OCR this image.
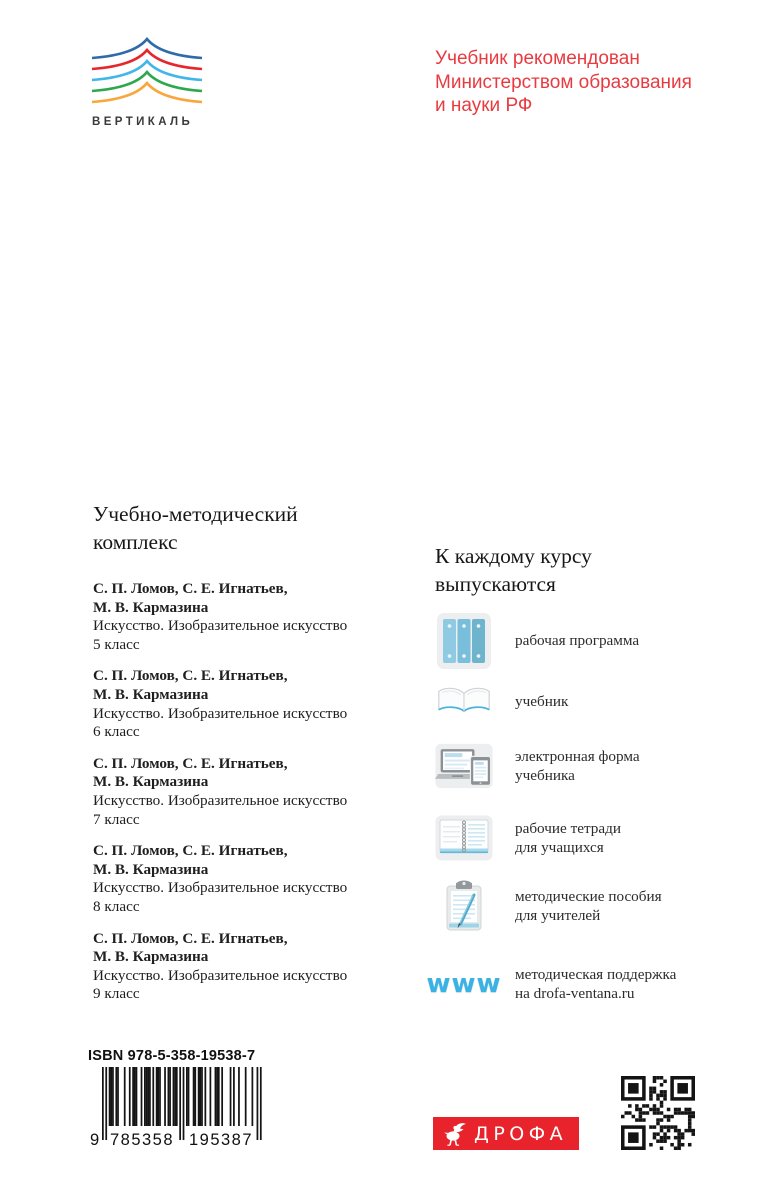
ВЕРТИКАЛЬ
Учебник рекомендован
Министерством образования
и науки РФ
Учебно-методический
комплекс
С. П. Ломов, С. Е. Игнатьев,
М. В. Кармазина
Искусство. Изобразительное искусство
5 класс
С. П. Ломов, С. Е. Игнатьев,
М. В. Кармазина
Искусство. Изобразительное искусство
6 класс
С. П. Ломов, С. Е. Игнатьев,
М. В. Кармазина
Искусство. Изобразительное искусство
7 класс
С. П. Ломов, С. Е. Игнатьев,
М. В. Кармазина
Искусство. Изобразительное искусство
8 класс
С. П. Ломов, С. Е. Игнатьев,
М. В. Кармазина
Искусство. Изобразительное искусство
9 класс
К каждому курсу
выпускаются
рабочая программа
учебник
электронная форма
учебника
рабочие тетради
для учащихся
методические пособия
для учителей
www методическая поддержка
на drofa-ventana.ru
ISBN 978-5-358-19538-7
9 785358 195387	ДРОФА
